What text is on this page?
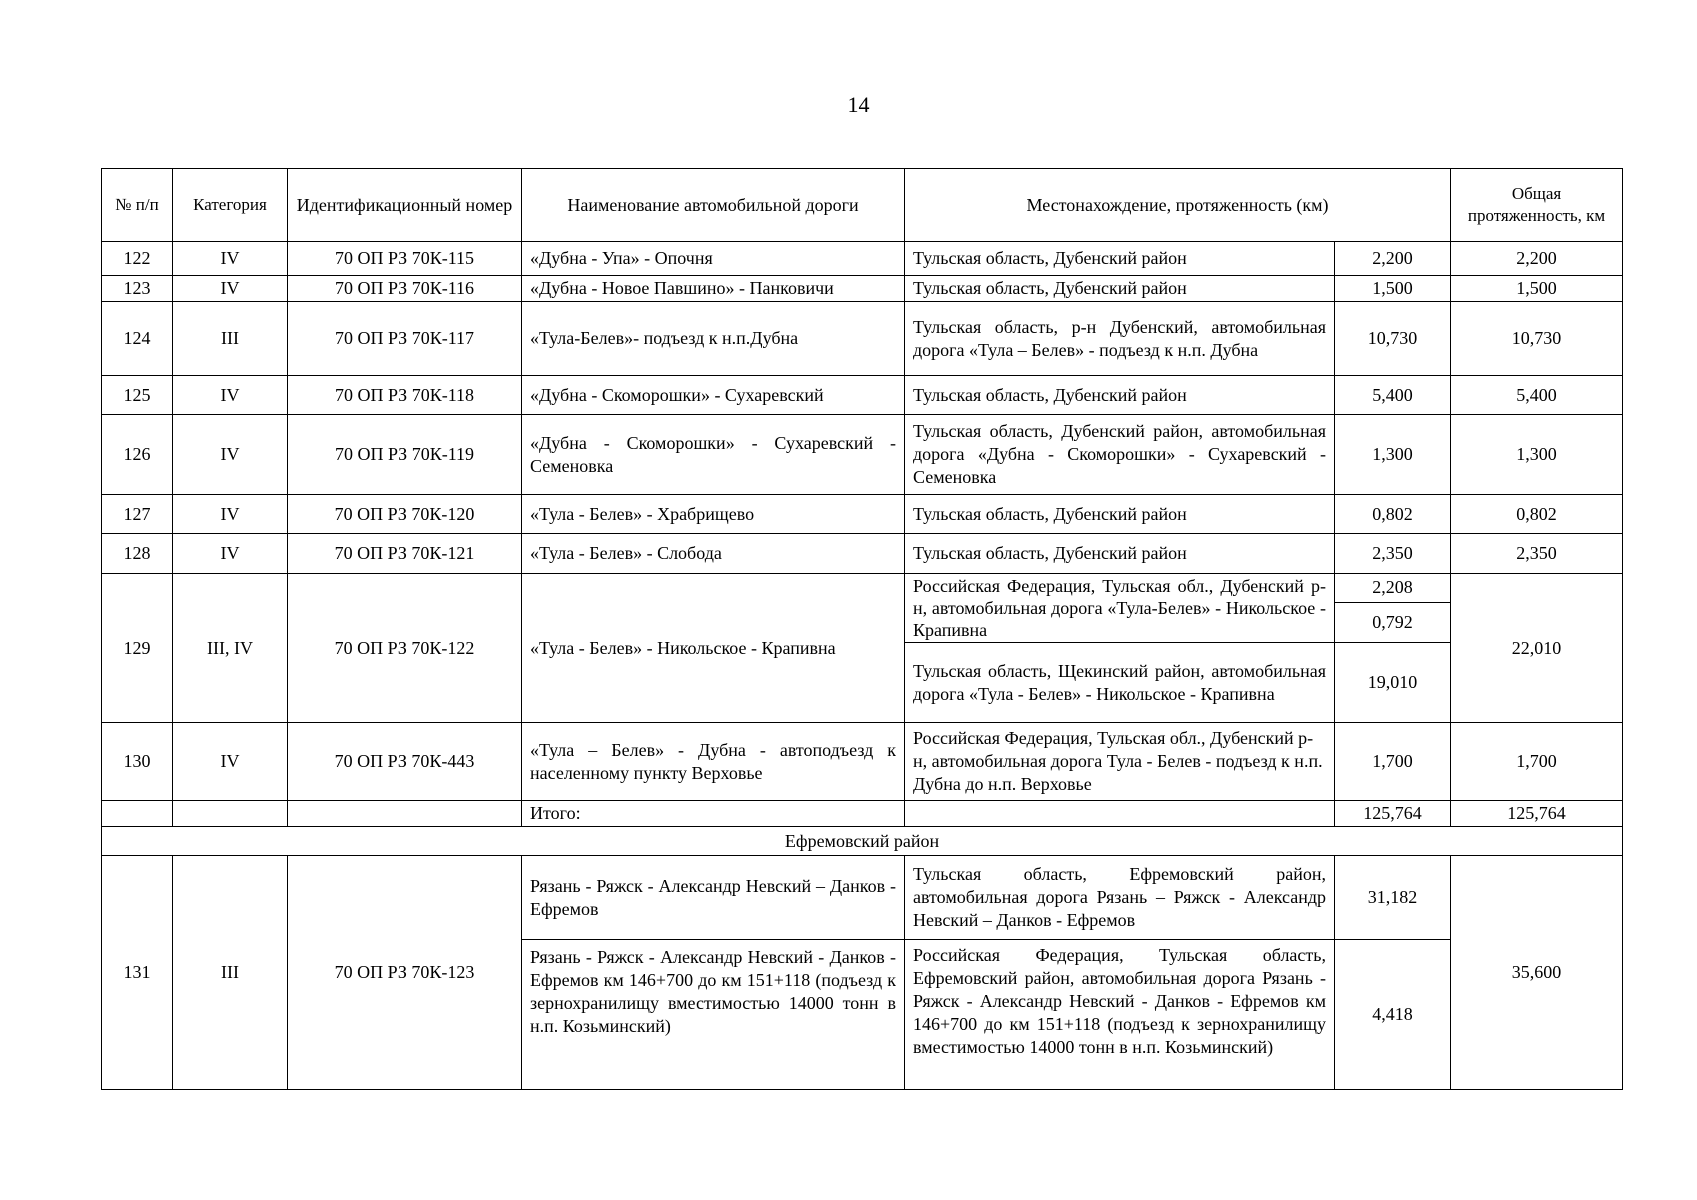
14
№ п/п	Категория	Идентификационный номер	Наименование автомобильной дороги	Местонахождение, протяженность (км)		Общая протяженность, км
122	IV	70 ОП РЗ 70К-115	«Дубна - Упа» - Опочня	Тульская область, Дубенский район	2,200	2,200
123	IV	70 ОП РЗ 70К-116	«Дубна - Новое Павшино» - Панковичи	Тульская область, Дубенский район	1,500	1,500
124	III	70 ОП РЗ 70К-117	«Тула-Белев»- подъезд к н.п.Дубна	Тульская область, р-н Дубенский, автомобильная дорога «Тула – Белев» - подъезд к н.п. Дубна	10,730	10,730
125	IV	70 ОП РЗ 70К-118	«Дубна - Скоморошки» - Сухаревский	Тульская область, Дубенский район	5,400	5,400
126	IV	70 ОП РЗ 70К-119	«Дубна - Скоморошки» - Сухаревский - Семеновка	Тульская область, Дубенский район, автомобильная дорога «Дубна - Скоморошки» - Сухаревский - Семеновка	1,300	1,300
127	IV	70 ОП РЗ 70К-120	«Тула - Белев» - Храбрищево	Тульская область, Дубенский район	0,802	0,802
128	IV	70 ОП РЗ 70К-121	«Тула - Белев» - Слобода	Тульская область, Дубенский район	2,350	2,350
129	III, IV	70 ОП РЗ 70К-122	«Тула - Белев» - Никольское - Крапивна	Российская Федерация, Тульская обл., Дубенский р-н, автомобильная дорога «Тула-Белев» - Никольское - Крапивна	2,208	22,010
					0,792	
				Тульская область, Щекинский район, автомобильная дорога «Тула - Белев» - Никольское - Крапивна	19,010	
130	IV	70 ОП РЗ 70К-443	«Тула – Белев» - Дубна - автоподъезд к населенному пункту Верховье	Российская Федерация, Тульская обл., Дубенский р-н, автомобильная дорога Тула - Белев - подъезд к н.п. Дубна до н.п. Верховье	1,700	1,700
			Итого:		125,764	125,764
Ефремовский район						
131	III	70 ОП РЗ 70К-123	Рязань - Ряжск - Александр Невский – Данков - Ефремов	Тульская область, Ефремовский район, автомобильная дорога Рязань – Ряжск - Александр Невский – Данков - Ефремов	31,182	35,600
			Рязань - Ряжск - Александр Невский - Данков - Ефремов км 146+700 до км 151+118 (подъезд к зернохранилищу вместимостью 14000 тонн в н.п. Козьминский)	Российская Федерация, Тульская область, Ефремовский район, автомобильная дорога Рязань - Ряжск - Александр Невский - Данков - Ефремов км 146+700 до км 151+118 (подъезд к зернохранилищу вместимостью 14000 тонн в н.п. Козьминский)	4,418	
